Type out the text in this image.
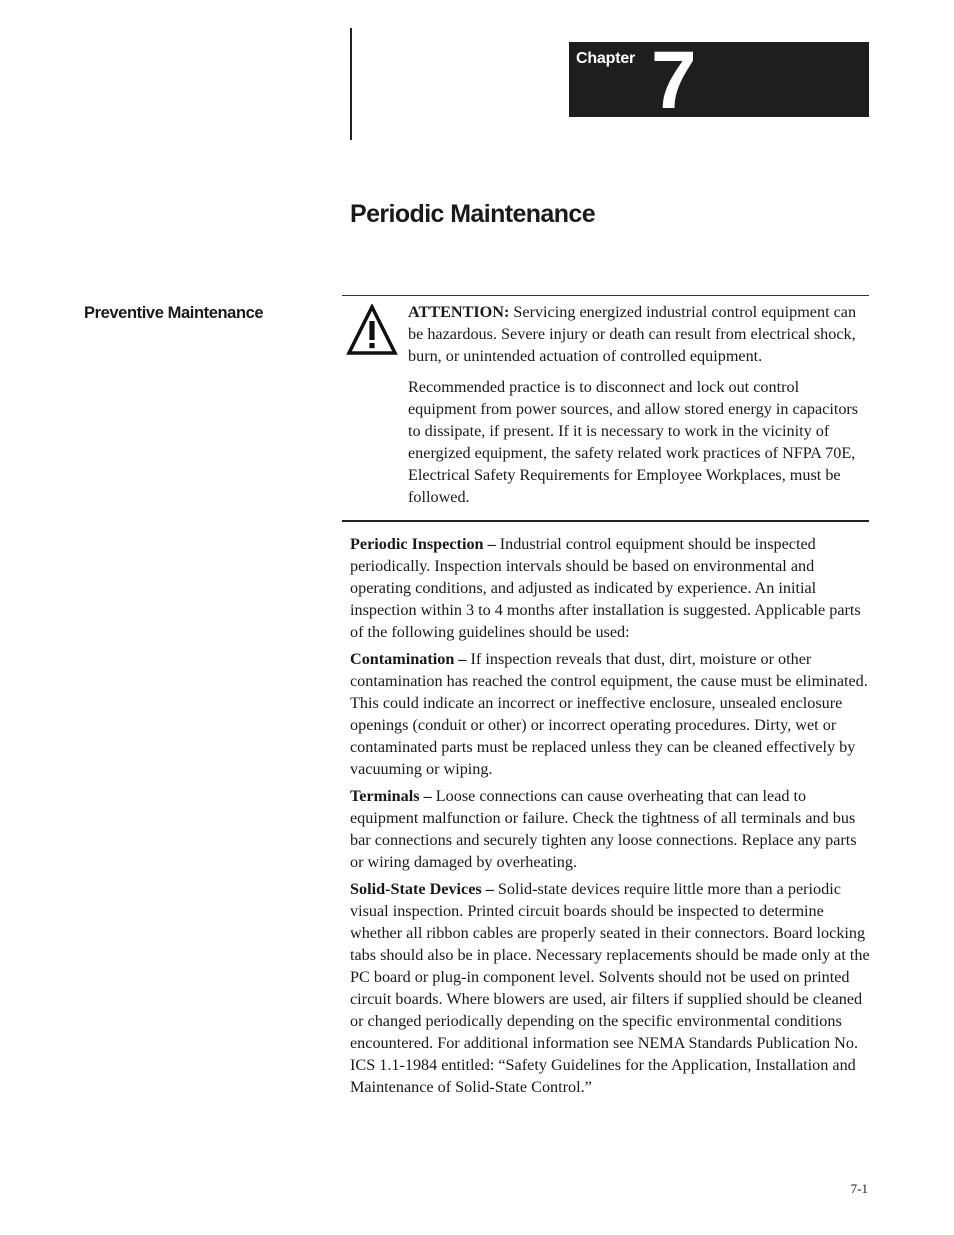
Chapter 7
Periodic Maintenance
Preventive Maintenance	ATTENTION: Servicing energized industrial control equipment can be hazardous. Severe injury or death can result from electrical shock, burn, or unintended actuation of controlled equipment.

Recommended practice is to disconnect and lock out control equipment from power sources, and allow stored energy in capacitors to dissipate, if present. If it is necessary to work in the vicinity of energized equipment, the safety related work practices of NFPA 70E, Electrical Safety Requirements for Employee Workplaces, must be followed.

Periodic Inspection – Industrial control equipment should be inspected periodically. Inspection intervals should be based on environmental and operating conditions, and adjusted as indicated by experience. An initial inspection within 3 to 4 months after installation is suggested. Applicable parts of the following guidelines should be used:

Contamination – If inspection reveals that dust, dirt, moisture or other contamination has reached the control equipment, the cause must be eliminated. This could indicate an incorrect or ineffective enclosure, unsealed enclosure openings (conduit or other) or incorrect operating procedures. Dirty, wet or contaminated parts must be replaced unless they can be cleaned effectively by vacuuming or wiping.

Terminals – Loose connections can cause overheating that can lead to equipment malfunction or failure. Check the tightness of all terminals and bus bar connections and securely tighten any loose connections. Replace any parts or wiring damaged by overheating.

Solid-State Devices – Solid-state devices require little more than a periodic visual inspection. Printed circuit boards should be inspected to determine whether all ribbon cables are properly seated in their connectors. Board locking tabs should also be in place. Necessary replacements should be made only at the PC board or plug-in component level. Solvents should not be used on printed circuit boards. Where blowers are used, air filters if supplied should be cleaned or changed periodically depending on the specific environmental conditions encountered. For additional information see NEMA Standards Publication No. ICS 1.1-1984 entitled: “Safety Guidelines for the Application, Installation and Maintenance of Solid-State Control.”

7-1
